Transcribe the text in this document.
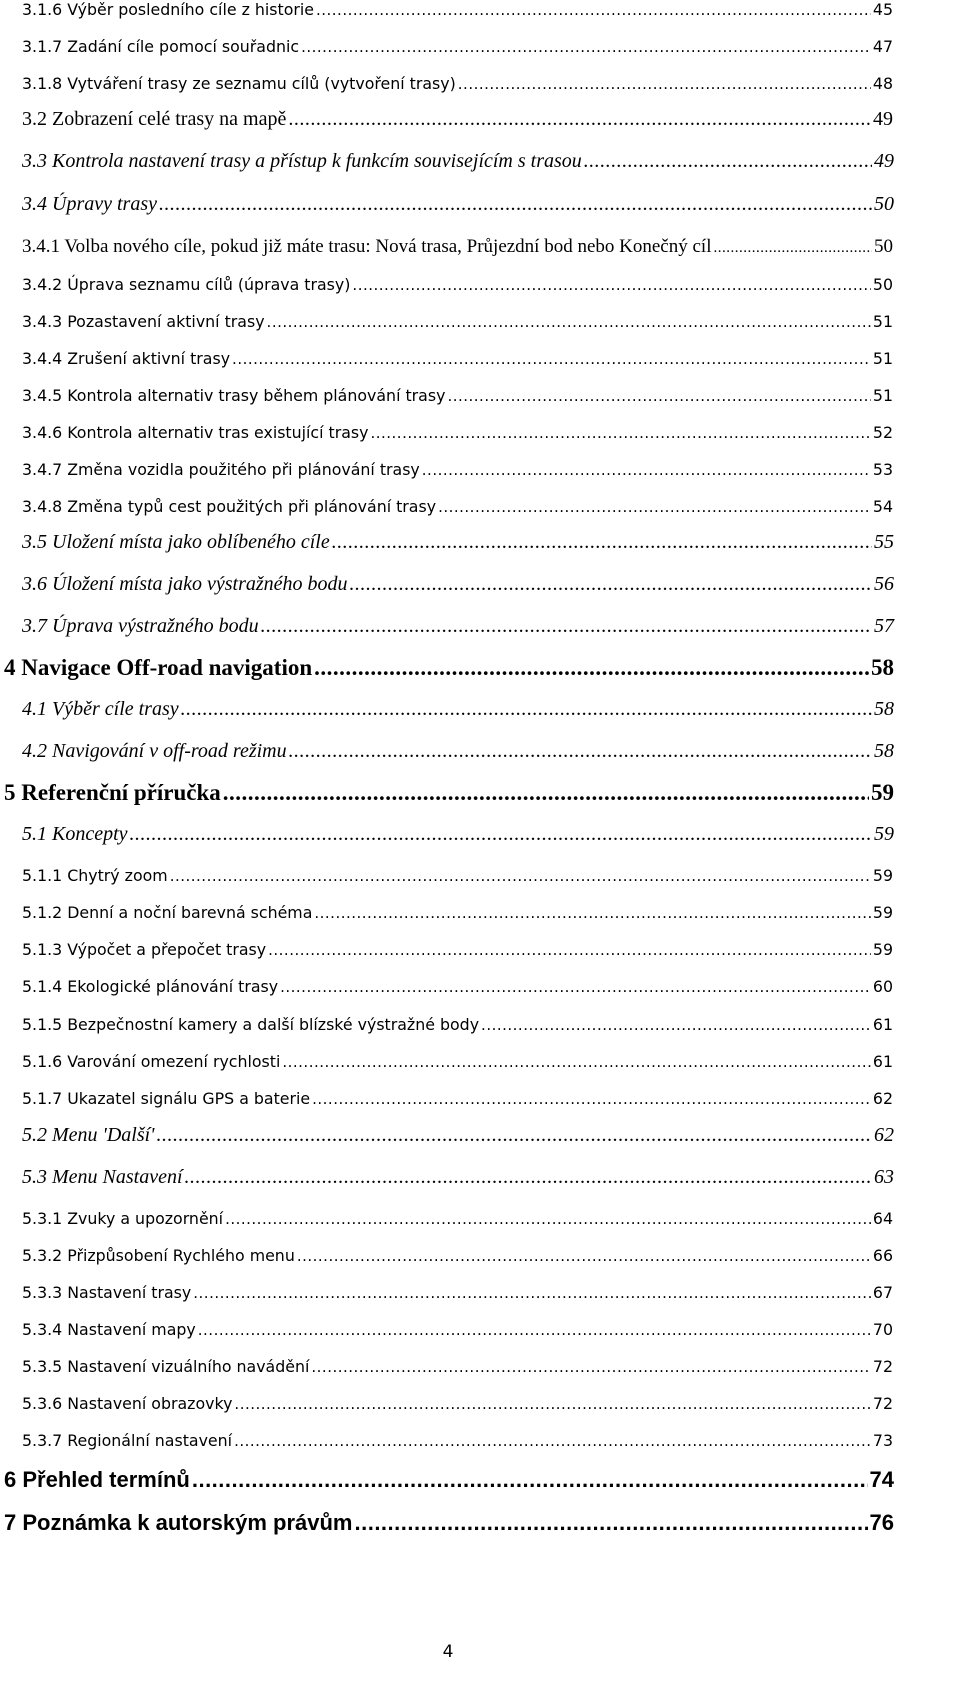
3.1.6 Výběr posledního cíle z historie .....	45
3.1.7 Zadání cíle pomocí souřadnic .....	47
3.1.8 Vytváření trasy ze seznamu cílů (vytvoření trasy) .....	48
3.2 Zobrazení celé trasy na mapě .....	49
3.3 Kontrola nastavení trasy a přístup k funkcím souvisejícím s trasou .....	49
3.4 Úpravy trasy .....	50
3.4.1 Volba nového cíle, pokud již máte trasu: Nová trasa, Průjezdní bod nebo Konečný cíl .....	50
3.4.2 Úprava seznamu cílů (úprava trasy) .....	50
3.4.3 Pozastavení aktivní trasy .....	51
3.4.4 Zrušení aktivní trasy .....	51
3.4.5 Kontrola alternativ trasy během plánování trasy .....	51
3.4.6 Kontrola alternativ tras existující trasy .....	52
3.4.7 Změna vozidla použitého při plánování trasy .....	53
3.4.8 Změna typů cest použitých při plánování trasy .....	54
3.5 Uložení místa jako oblíbeného cíle .....	55
3.6 Úložení místa jako výstražného bodu .....	56
3.7 Úprava výstražného bodu .....	57
4 Navigace Off-road navigation .....	58
4.1 Výběr cíle trasy .....	58
4.2 Navigování v off-road režimu .....	58
5 Referenční příručka .....	59
5.1 Koncepty .....	59
5.1.1 Chytrý zoom .....	59
5.1.2 Denní a noční barevná schéma .....	59
5.1.3 Výpočet a přepočet trasy .....	59
5.1.4 Ekologické plánování trasy .....	60
5.1.5 Bezpečnostní kamery a další blízské výstražné body .....	61
5.1.6 Varování omezení rychlosti .....	61
5.1.7 Ukazatel signálu GPS a baterie .....	62
5.2 Menu 'Další' .....	62
5.3 Menu Nastavení .....	63
5.3.1 Zvuky a upozornění .....	64
5.3.2 Přizpůsobení Rychlého menu .....	66
5.3.3 Nastavení trasy .....	67
5.3.4 Nastavení mapy .....	70
5.3.5 Nastavení vizuálního navádění .....	72
5.3.6 Nastavení obrazovky .....	72
5.3.7 Regionální nastavení .....	73
6 Přehled termínů .....	74
7 Poznámka k autorským právům .....	76
4
